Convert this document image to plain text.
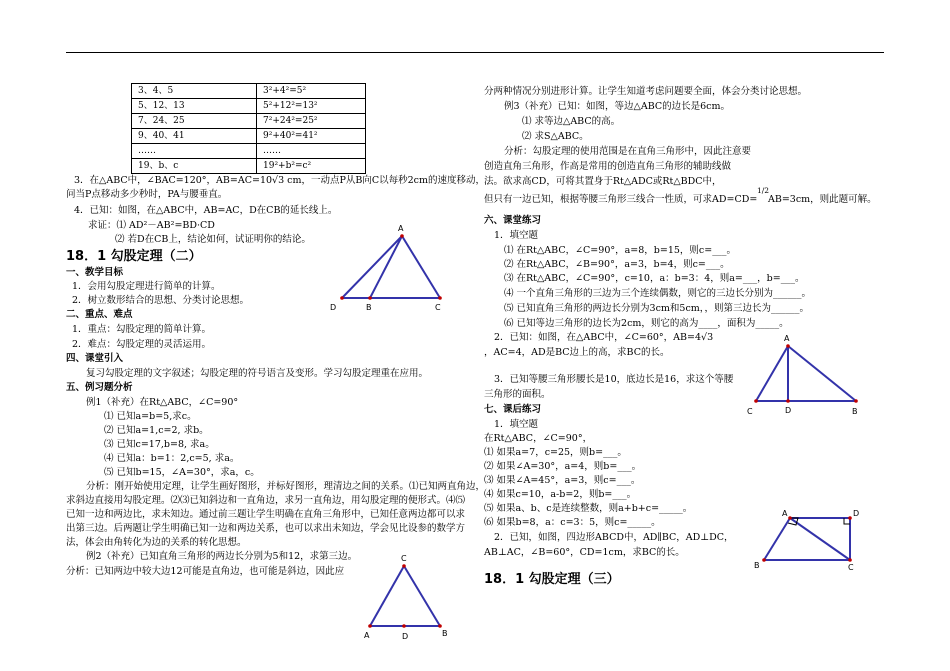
3、4、5	3²+4²=5²
5、12、13	5²+12²=13²
7、24、25	7²+24²=25²
9、40、41	9²+40²=41²
……	……
19、b、c	19²+b²=c²
3．在△ABC中，∠BAC=120°，AB=AC=10√3 cm，一动点P从B向C以每秒2cm的速度移动，
问当P点移动多少秒时，PA与腰垂直。
4．已知：如图，在△ABC中，AB=AC，D在CB的延长线上。
求证：⑴ AD²－AB²=BD·CD
⑵ 若D在CB上，结论如何，试证明你的结论。
18．1 勾股定理（二）
一、教学目标
1．会用勾股定理进行简单的计算。
2．树立数形结合的思想、分类讨论思想。
二、重点、难点
1．重点：勾股定理的简单计算。
2．难点：勾股定理的灵活运用。
四、课堂引入
复习勾股定理的文字叙述；勾股定理的符号语言及变形。学习勾股定理重在应用。
五、例习题分析
例1（补充）在Rt△ABC，∠C=90°
⑴ 已知a=b=5,求c。
⑵ 已知a=1,c=2, 求b。
⑶ 已知c=17,b=8, 求a。
⑷ 已知a：b=1：2,c=5, 求a。
⑸ 已知b=15，∠A=30°，求a，c。
分析：刚开始使用定理，让学生画好图形，并标好图形，理清边之间的关系。⑴已知两直角边，
求斜边直接用勾股定理。⑵⑶已知斜边和一直角边，求另一直角边，用勾股定理的便形式。⑷⑸
已知一边和两边比，求未知边。通过前三题让学生明确在直角三角形中，已知任意两边都可以求
出第三边。后两题让学生明确已知一边和两边关系，也可以求出未知边，学会见比设参的数学方
法，体会由角转化为边的关系的转化思想。
例2（补充）已知直角三角形的两边长分别为5和12，求第三边。
分析：已知两边中较大边12可能是直角边，也可能是斜边，因此应
分两种情况分别进形计算。让学生知道考虑问题要全面，体会分类讨论思想。
例3（补充）已知：如图，等边△ABC的边长是6cm。
⑴ 求等边△ABC的高。
⑵ 求S△ABC。
分析：勾股定理的使用范围是在直角三角形中，因此注意要
创造直角三角形，作高是常用的创造直角三角形的辅助线做
法。欲求高CD，可将其置身于Rt△ADC或Rt△BDC中，
但只有一边已知，根据等腰三角形三线合一性质，可求AD=CD=
1/2
AB=3cm，则此题可解。
六、课堂练习
1．填空题
⑴ 在Rt△ABC，∠C=90°，a=8，b=15，则c=___。
⑵ 在Rt△ABC，∠B=90°，a=3，b=4，则c=___。
⑶ 在Rt△ABC，∠C=90°，c=10，a：b=3：4，则a=___，b=___。
⑷ 一个直角三角形的三边为三个连续偶数，则它的三边长分别为______。
⑸ 已知直角三角形的两边长分别为3cm和5cm，，则第三边长为______。
⑹ 已知等边三角形的边长为2cm，则它的高为____，面积为_____。
2．已知：如图，在△ABC中，∠C=60°，AB=4√3
，AC=4，AD是BC边上的高，求BC的长。
3．已知等腰三角形腰长是10，底边长是16，求这个等腰
三角形的面积。
七、课后练习
1．填空题
在Rt△ABC，∠C=90°，
⑴ 如果a=7，c=25，则b=___。
⑵ 如果∠A=30°，a=4，则b=___。
⑶ 如果∠A=45°，a=3，则c=___。
⑷ 如果c=10，a-b=2，则b=___。
⑸ 如果a、b、c是连续整数，则a+b+c=_____。
⑹ 如果b=8，a：c=3：5，则c=_____。
2．已知，如图，四边形ABCD中，AD∥BC，AD⊥DC，
AB⊥AC，∠B=60°，CD=1cm，求BC的长。
18．1 勾股定理（三）
A
D	B	C
C
A	D	B
A
C	D	B
A	D
B	C
